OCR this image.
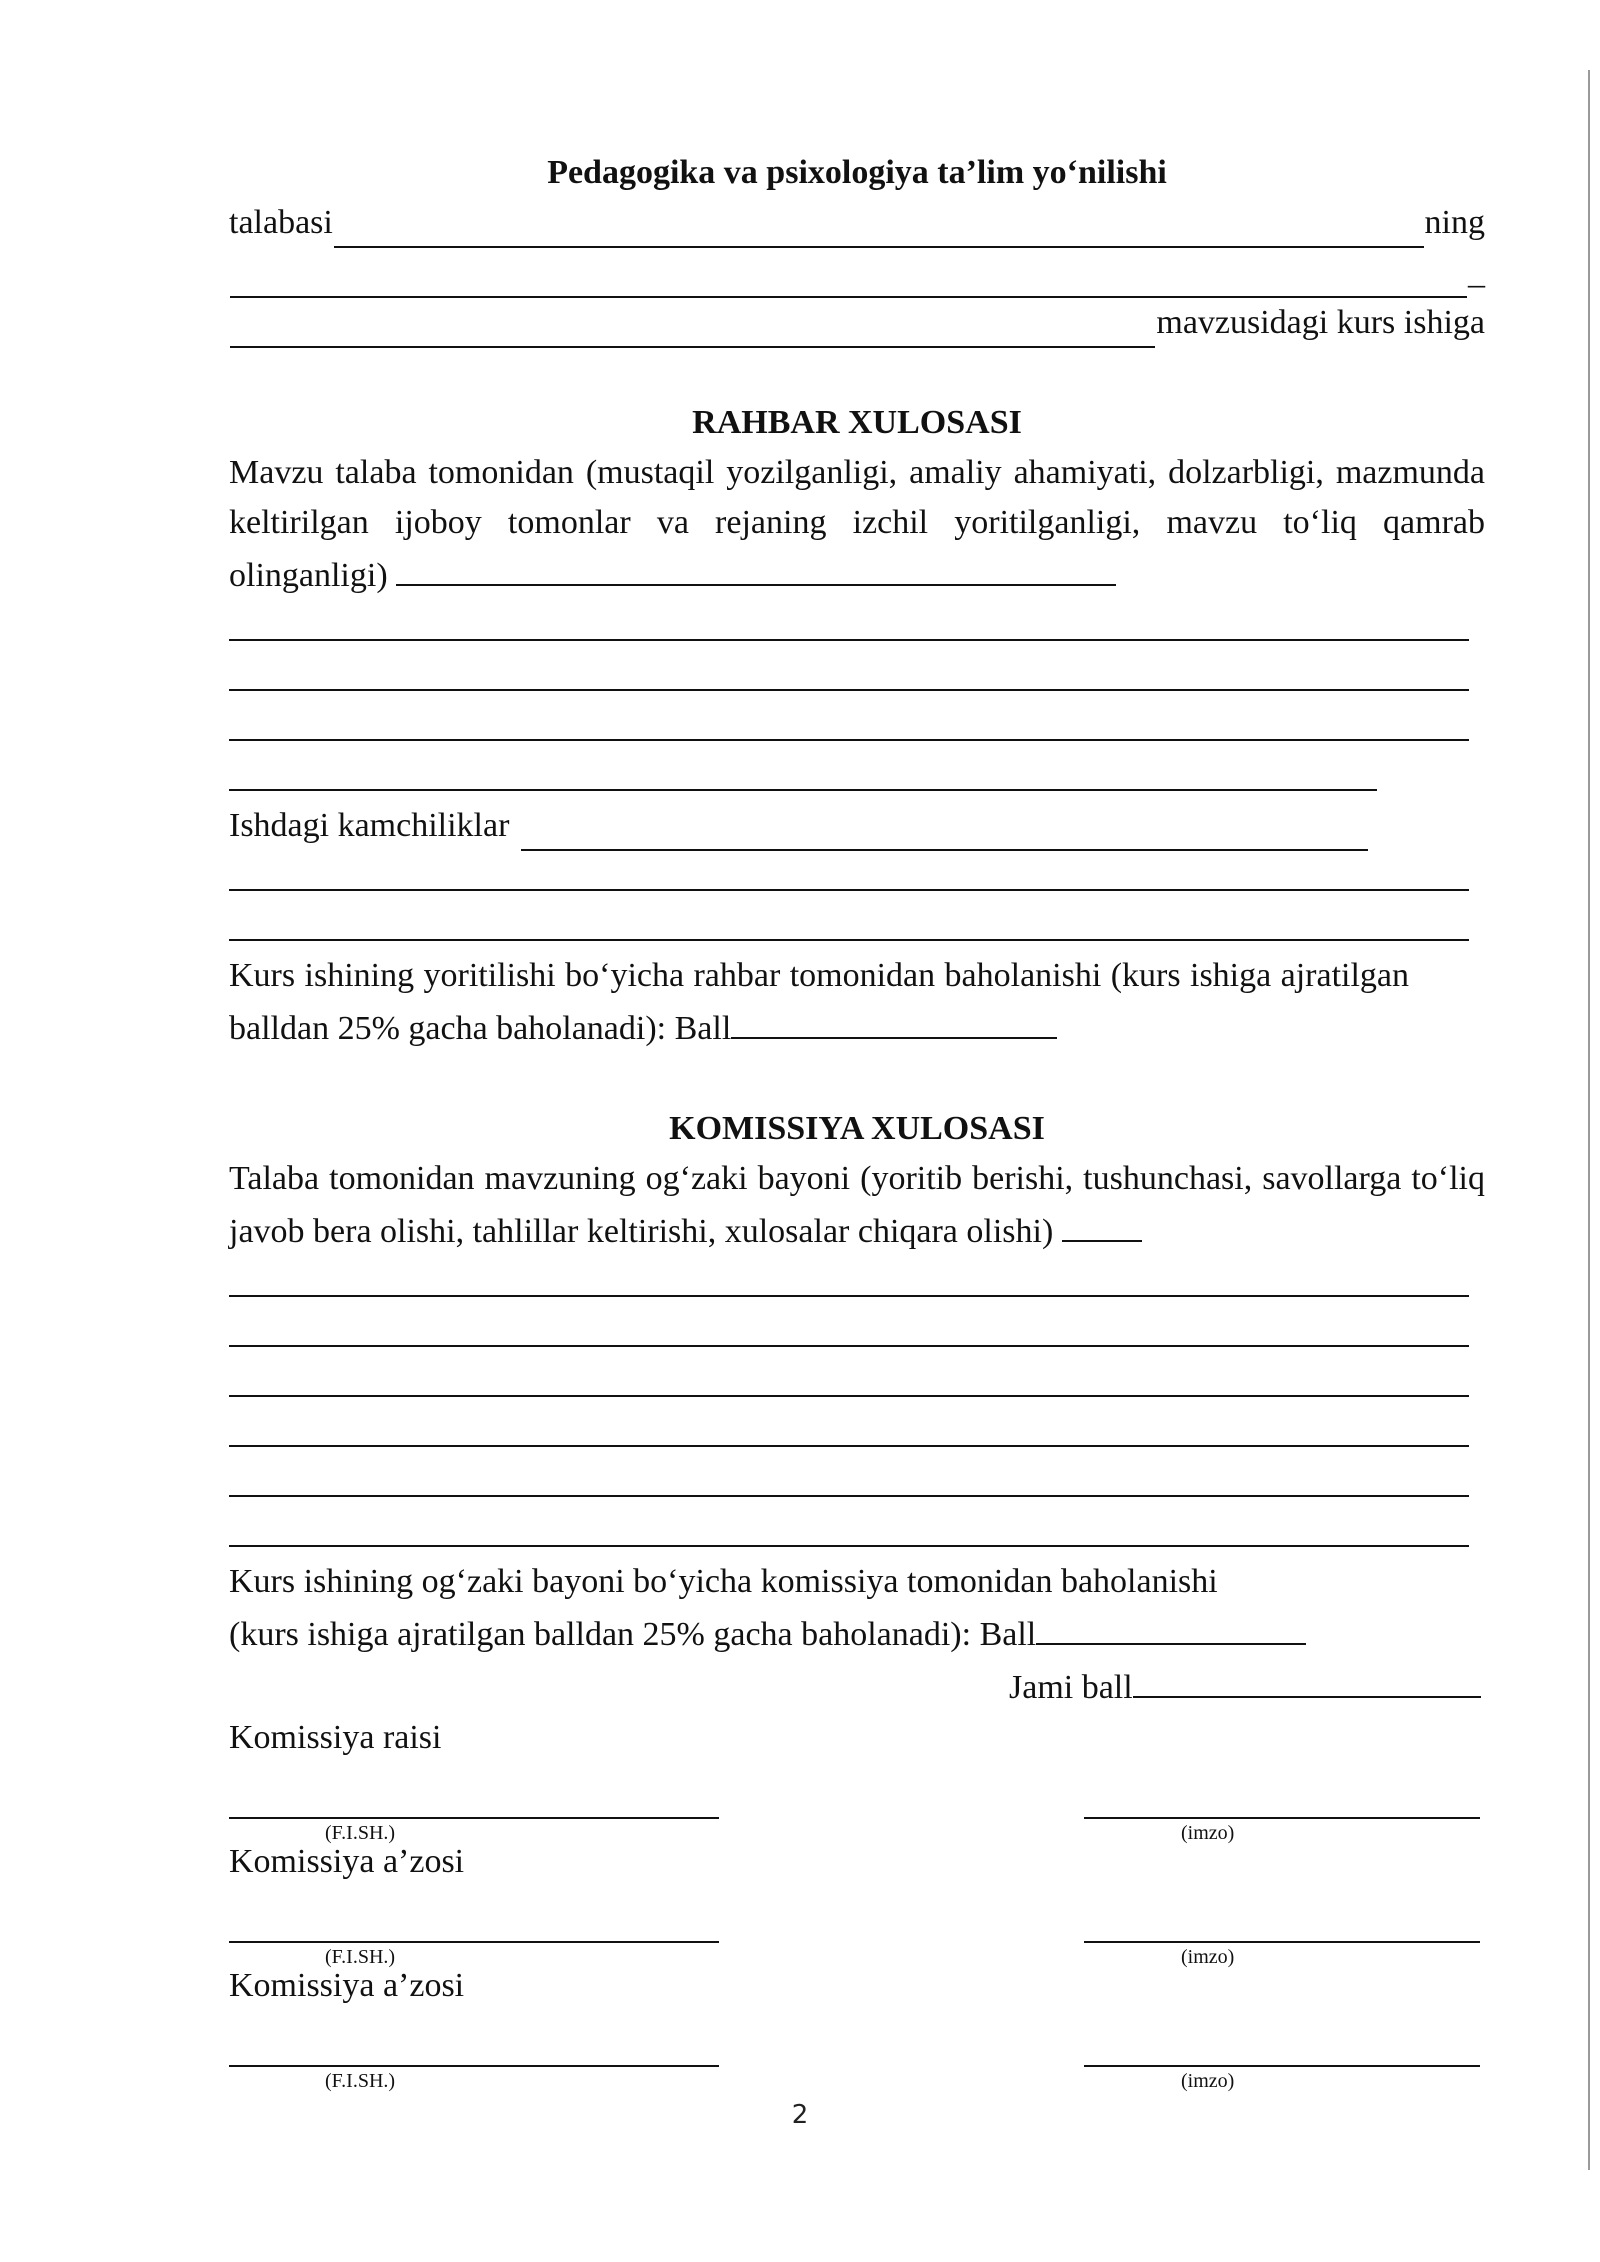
Pedagogika va psixologiya ta’lim yo‘nilishi
talabasi	ning
_
mavzusidagi kurs ishiga
RAHBAR XULOSASI
Mavzu talaba tomonidan (mustaqil yozilganligi, amaliy ahamiyati, dolzarbligi, mazmunda keltirilgan ijoboy tomonlar va rejaning izchil yoritilganligi, mavzu to‘liq qamrab olinganligi)
Ishdagi kamchiliklar
Kurs ishining yoritilishi bo‘yicha rahbar tomonidan baholanishi (kurs ishiga ajratilgan balldan 25% gacha baholanadi): Ball
KOMISSIYA XULOSASI
Talaba tomonidan mavzuning og‘zaki bayoni (yoritib berishi, tushunchasi, savollarga to‘liq javob bera olishi, tahlillar keltirishi, xulosalar chiqara olishi)
Kurs ishining og‘zaki bayoni bo‘yicha komissiya tomonidan baholanishi
(kurs ishiga ajratilgan balldan 25% gacha baholanadi): Ball
Jami ball
Komissiya raisi
(F.I.SH.)	(imzo)
Komissiya a’zosi
(F.I.SH.)	(imzo)
Komissiya a’zosi
(F.I.SH.)	(imzo)
2
